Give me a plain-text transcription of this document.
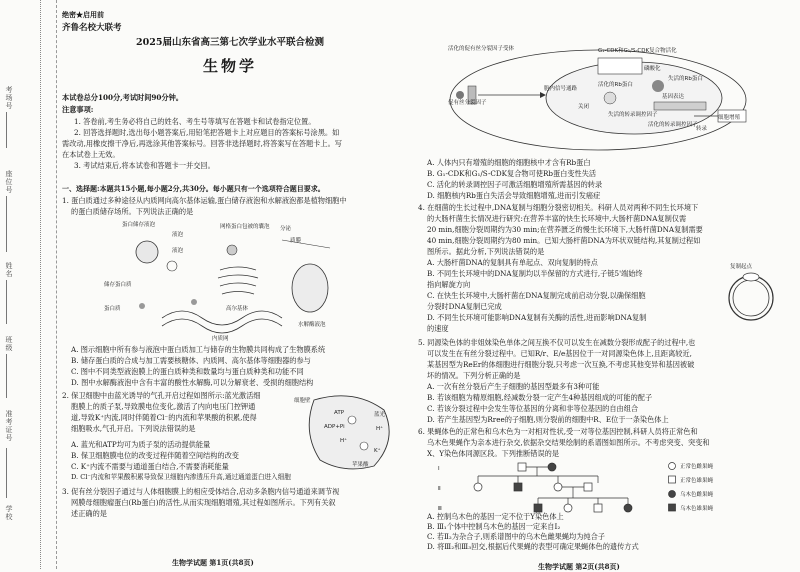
考场号
座位号
姓名
班级
准考证号
学校

绝密★启用前

齐鲁名校大联考

2025届山东省高三第七次学业水平联合检测

生物学

本试卷总分100分,考试时间90分钟。

注意事项:

1. 答卷前,考生务必将自己的姓名、考生号等填写在答题卡和试卷指定位置。

2. 回答选择题时,选出每小题答案后,用铅笔把答题卡上对应题目的答案标号涂黑。如

需改动,用橡皮擦干净后,再选涂其他答案标号。回答非选择题时,将答案写在答题卡上。写

在本试卷上无效。

3. 考试结束后,将本试卷和答题卡一并交回。

一、选择题:本题共15小题,每小题2分,共30分。每小题只有一个选项符合题目要求。

1. 蛋白质通过多种途径从内质网向高尔基体运输,蛋白储存液泡和水解液泡都是植物细胞中

的蛋白质储存场所。下列说法正确的是

蛋白储存液泡
液泡
网格蛋白包被的囊泡 分泌
质膜
液泡
储存蛋白质
蛋白质	高尔基体
内质网
水解酶液泡

A. 图示细胞中所有参与液泡中蛋白质加工与储存的生物膜共同构成了生物膜系统

B. 储存蛋白质的合成与加工需要核糖体、内质网、高尔基体等细胞器的参与

C. 图中不同类型液泡膜上的蛋白质种类和数量均与蛋白质种类和功能不同

D. 图中水解酶液泡中含有丰富的酸性水解酶,可以分解衰老、受损的细胞结构

2. 保卫细胞中由蓝光诱导的气孔开启过程如图所示:蓝光激活细

胞膜上的质子泵,导致膜电位变化,激活了内向电压门控钾通

道,导致K⁺内流,同时伴随着Cl⁻的内流和苹果酸的积累,使得

细胞吸水,气孔开启。下列说法错误的是

细胞壁
ATP
ADP+Pi
蓝光
H⁺
K⁺
H⁺
苹果酸

A. 蓝光和ATP均可为质子泵的活动提供能量

B. 保卫细胞膜电位的改变过程伴随着空间结构的改变

C. K⁺内流不需要与通道蛋白结合,不需要消耗能量

D. Cl⁻内流和苹果酸积累导致保卫细胞内渗透压升高,通过通道蛋白进入细胞

3. 促有丝分裂因子通过与人体细胞膜上的相应受体结合,启动多条胞内信号通道来调节视

网膜母细胞瘤蛋白(Rb蛋白)的活性,从而实现细胞增殖,其过程如图所示。下列有关叙

述正确的是

生物学试题 第1页(共8页)

活化的促有丝分裂因子受体
促有丝分裂因子
胞内信号通路
G₁-CDK和G₁/S-CDK复合物活化
活化的Rb蛋白
失活的Rb蛋白
关闭
失活的转录调控因子
基因表达
活化的转录调控因子
转录
细胞增殖
磷酸化

A. 人体内只有增殖的细胞的细胞核中才含有Rb蛋白

B. G₁-CDK和G₁/S-CDK复合物可使Rb蛋白变性失活

C. 活化的转录调控因子可激活细胞增殖所需基因的转录

D. 细胞核内Rb蛋白失活会导致细胞增殖,进而引发癌症

4. 在细菌的生长过程中,DNA复制与细胞分裂密切相关。科研人员对两种不同生长环境下

的大肠杆菌生长情况进行研究:在营养丰富的快生长环境中,大肠杆菌DNA复制仅需

20 min,细胞分裂周期约为30 min;在营养匮乏的慢生长环境下,大肠杆菌DNA复制需要

40 min,细胞分裂周期约为80 min。已知大肠杆菌DNA为环状双链结构,其复制过程如

图所示。据此分析,下列说法错误的是

A. 大肠杆菌DNA的复制具有单起点、双向复制的特点

B. 不同生长环境中的DNA复制均以半保留的方式进行,子链5'端始终

指向解旋方向

C. 在快生长环境中,大肠杆菌在DNA复制完成前启动分裂,以确保细胞

分裂时DNA复制已完成

D. 不同生长环境可能影响DNA复制有关酶的活性,进而影响DNA复制

的速度

复制起点

5. 同源染色体的非姐妹染色单体之间互换不仅可以发生在减数分裂形成配子的过程中,也

可以发生在有丝分裂过程中。已知R/r、E/e基因位于一对同源染色体上,且距离较近,

某基因型为ReEr的体细胞进行细胞分裂,只考虑一次互换,不考虑其他变异和基因被破

坏的情况。下列分析正确的是

A. 一次有丝分裂后产生子细胞的基因型最多有3种可能

B. 若该细胞为精原细胞,经减数分裂一定产生4种基因组成的可能的配子

C. 若该分裂过程中会发生等位基因的分离和非等位基因的自由组合

D. 若产生基因型为Rree的子细胞,则分裂前的细胞中R、E位于一条染色体上

6. 果蝇体色的正常色和乌木色为一对相对性状,受一对等位基因控制,科研人员将正常色和

乌木色果蝇作为亲本进行杂交,依据杂交结果绘制的系谱图如图所示。不考虑突变、突变和

X、Y染色体同源区段。下列推断错误的是

Ⅰ
Ⅱ
Ⅲ
正常色雌果蝇
正常色雄果蝇
乌木色雌果蝇
乌木色雄果蝇

A. 控制乌木色的基因一定不位于Y染色体上

B. Ⅲ₁个体中控制乌木色的基因一定来自Ⅰ₂

C. 若Ⅱ₂为杂合子,则系谱图中的乌木色雌果蝇均为纯合子

D. 将Ⅲ₂和Ⅲ₃回交,根据后代果蝇的表型可确定果蝇体色的遗传方式

生物学试题 第2页(共8页)
